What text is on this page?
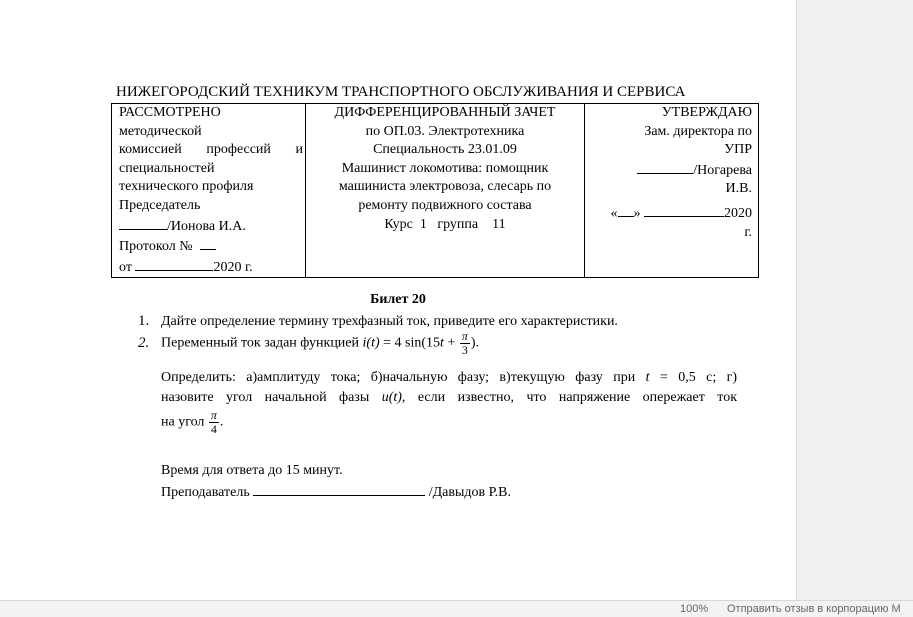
НИЖЕГОРОДСКИЙ ТЕХНИКУМ ТРАНСПОРТНОГО ОБСЛУЖИВАНИЯ И СЕРВИСА
РАССМОТРЕНО
методической
комиссией профессий и
специальностей
технического профиля
Председатель
/Ионова И.А.
Протокол №
от	2020 г.

ДИФФЕРЕНЦИРОВАННЫЙ ЗАЧЕТ
по ОП.03. Электротехника
Специальность 23.01.09
Машинист локомотива: помощник
машиниста электровоза, слесарь по
ремонту подвижного состава
Курс  1   группа    11

УТВЕРЖДАЮ
Зам. директора по
УПР
/Ногарева
И.В.
« »	2020
г.
Билет 20
1. Дайте определение термину трехфазный ток, приведите его характеристики.
2. Переменный ток задан функцией i(t) = 4 $\sin(15t + \frac{\pi}{3}$ ).
Определить: а)амплитуду тока; б)начальную фазу; в)текущую фазу при t = 0,5 с; г)
назовите угол начальной фазы u(t), если известно, что напряжение опережает ток
на угол $\frac{\pi}{4}$ .
Время для ответа до 15 минут.
Преподаватель	/Давыдов Р.В.
100% Отправить отзыв в корпорацию М
